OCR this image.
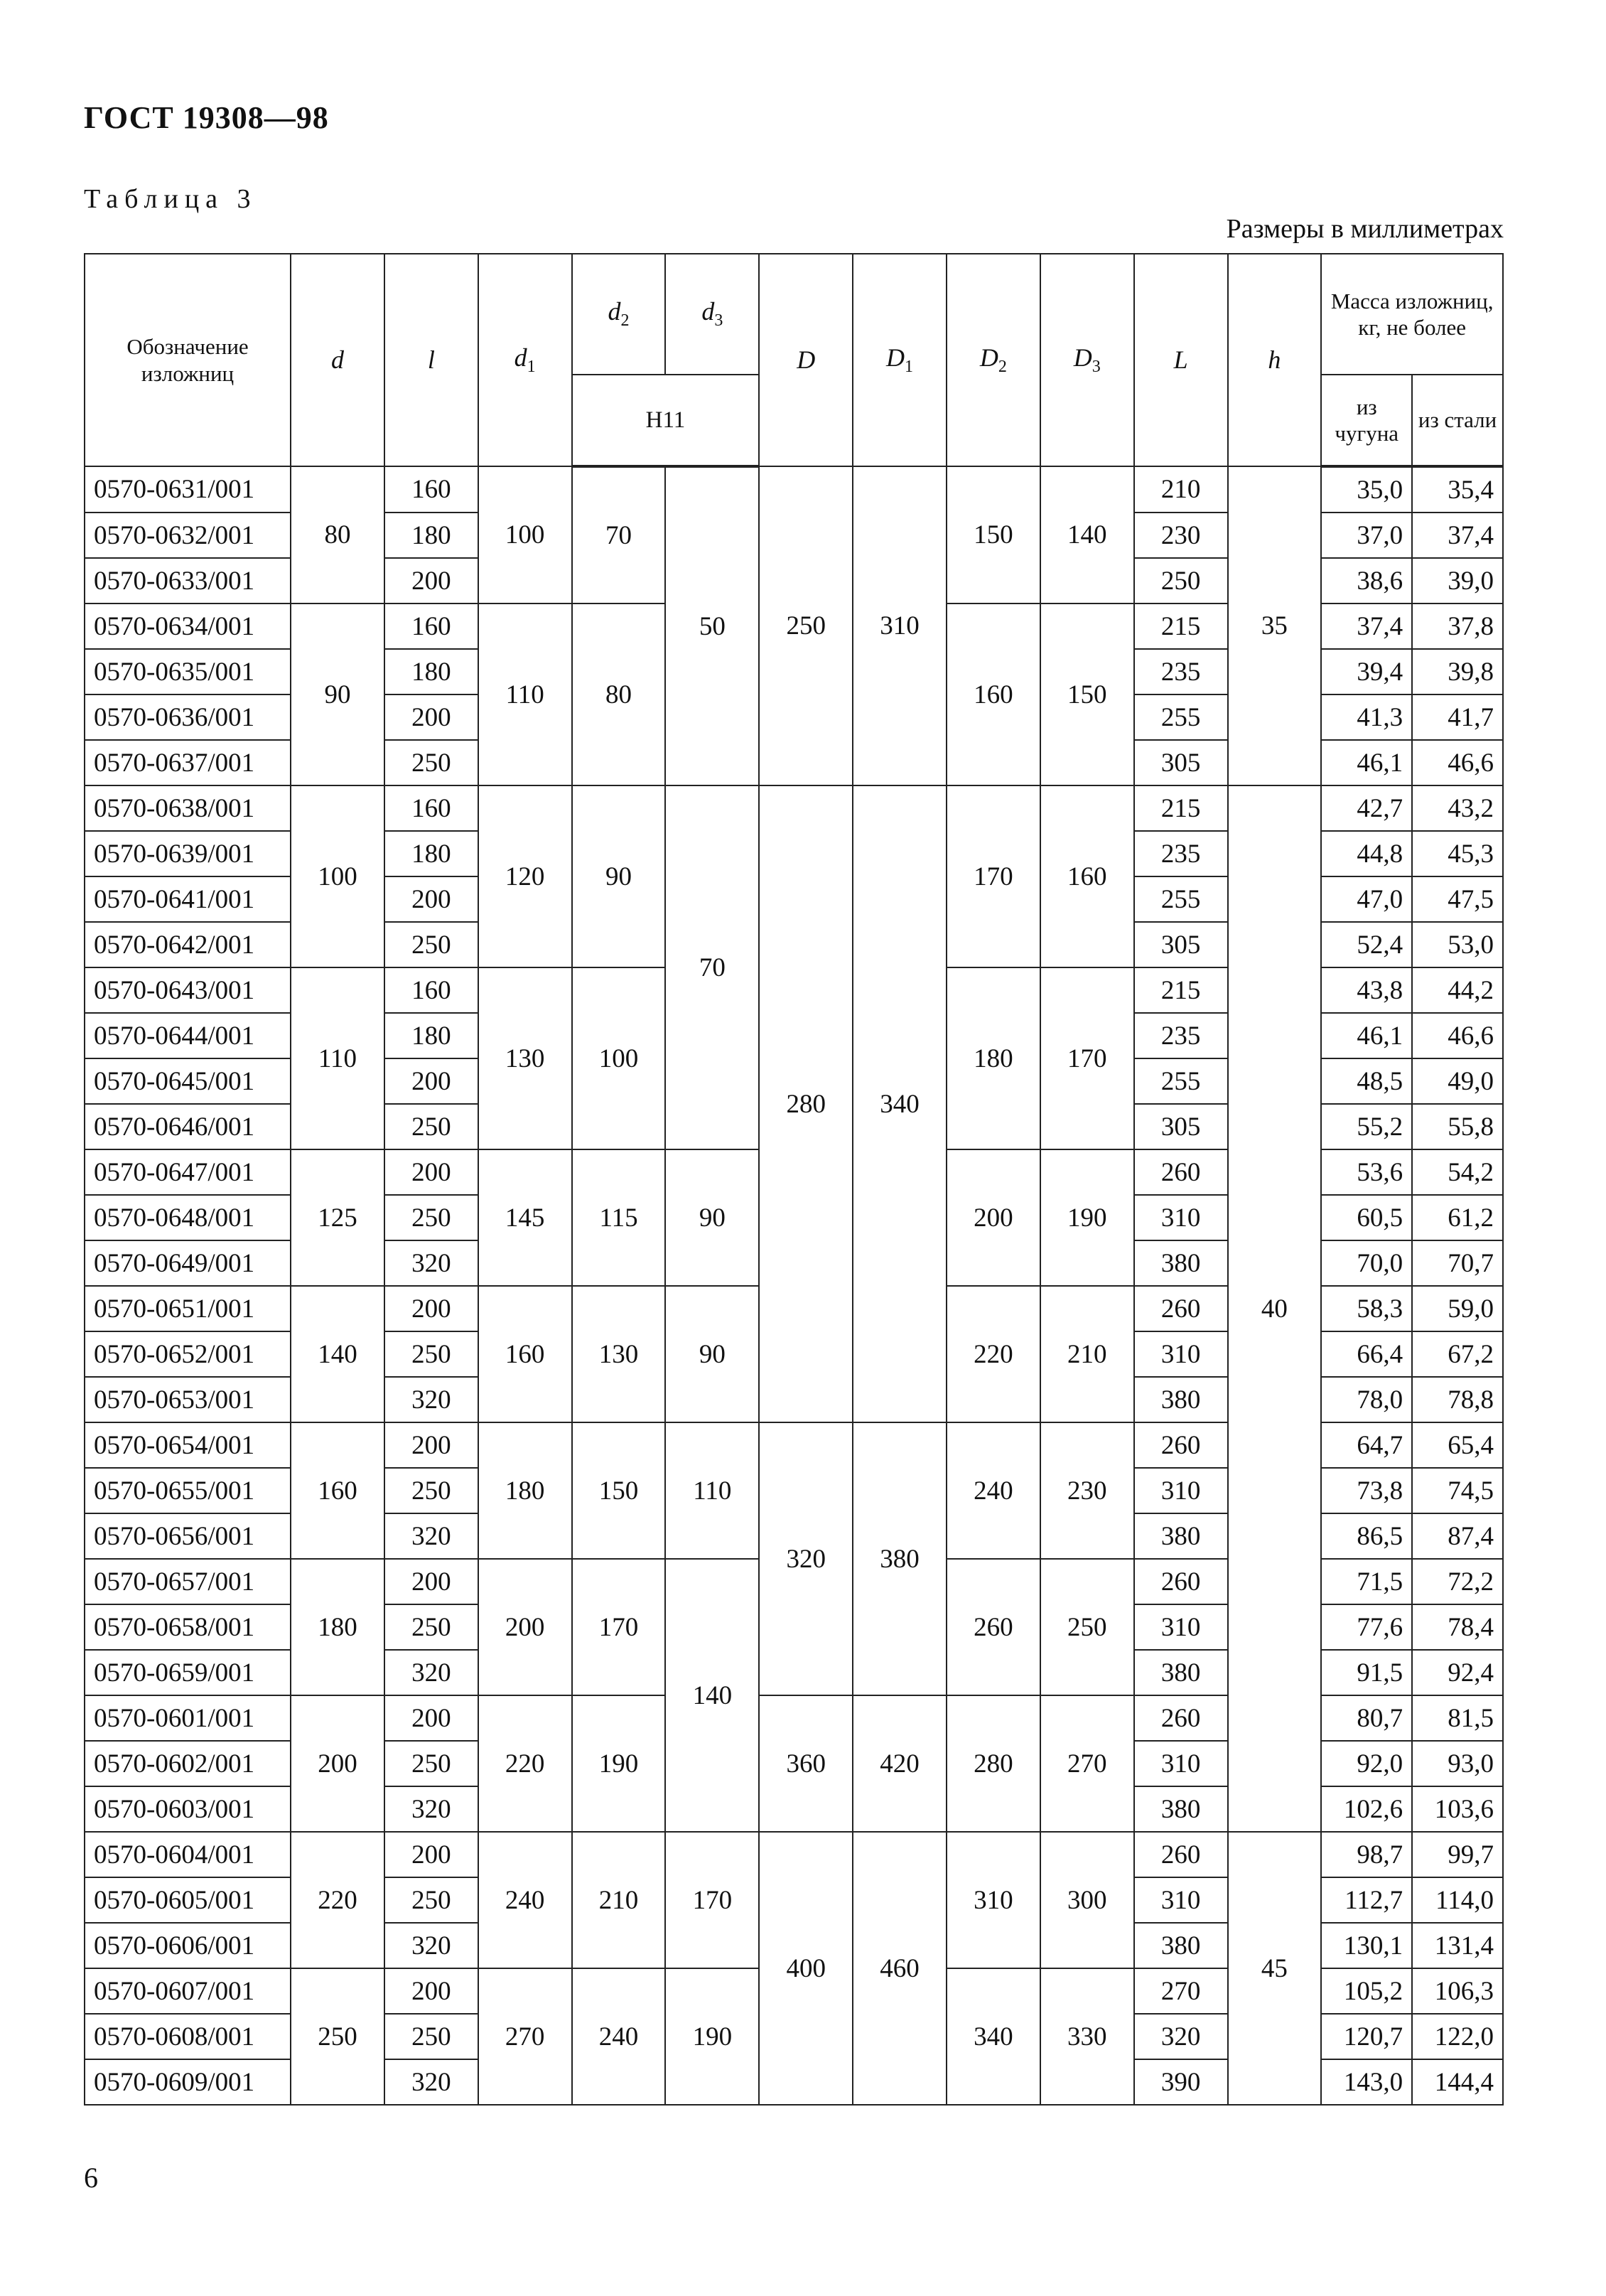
ГОСТ 19308—98
Таблица 3
Размеры в миллиметрах
Обозначение изложниц	d	l	$d_1$	$d_2$	$d_3$	D	$D_1$	$D_2$	$D_3$	L	h	Масса изложниц, кг, не более	
				H11								из чугуна	из стали
0570-0631/001	80	160	100	70	50	250	310	150	140	210	35	35,0	35,4
0570-0632/001		180								230		37,0	37,4
0570-0633/001		200								250		38,6	39,0
0570-0634/001	90	160	110	80				160	150	215		37,4	37,8
0570-0635/001		180								235		39,4	39,8
0570-0636/001		200								255		41,3	41,7
0570-0637/001		250								305		46,1	46,6
0570-0638/001	100	160	120	90	70	280	340	170	160	215	40	42,7	43,2
0570-0639/001		180								235		44,8	45,3
0570-0641/001		200								255		47,0	47,5
0570-0642/001		250								305		52,4	53,0
0570-0643/001	110	160	130	100				180	170	215		43,8	44,2
0570-0644/001		180								235		46,1	46,6
0570-0645/001		200								255		48,5	49,0
0570-0646/001		250								305		55,2	55,8
0570-0647/001	125	200	145	115	90			200	190	260		53,6	54,2
0570-0648/001		250								310		60,5	61,2
0570-0649/001		320								380		70,0	70,7
0570-0651/001	140	200	160	130	90			220	210	260		58,3	59,0
0570-0652/001		250								310		66,4	67,2
0570-0653/001		320								380		78,0	78,8
0570-0654/001	160	200	180	150	110	320	380	240	230	260		64,7	65,4
0570-0655/001		250								310		73,8	74,5
0570-0656/001		320								380		86,5	87,4
0570-0657/001	180	200	200	170	140			260	250	260		71,5	72,2
0570-0658/001		250								310		77,6	78,4
0570-0659/001		320								380		91,5	92,4
0570-0601/001	200	200	220	190		360	420	280	270	260		80,7	81,5
0570-0602/001		250								310		92,0	93,0
0570-0603/001		320								380		102,6	103,6
0570-0604/001	220	200	240	210	170	400	460	310	300	260	45	98,7	99,7
0570-0605/001		250								310		112,7	114,0
0570-0606/001		320								380		130,1	131,4
0570-0607/001	250	200	270	240	190			340	330	270		105,2	106,3
0570-0608/001		250								320		120,7	122,0
0570-0609/001		320								390		143,0	144,4
6
